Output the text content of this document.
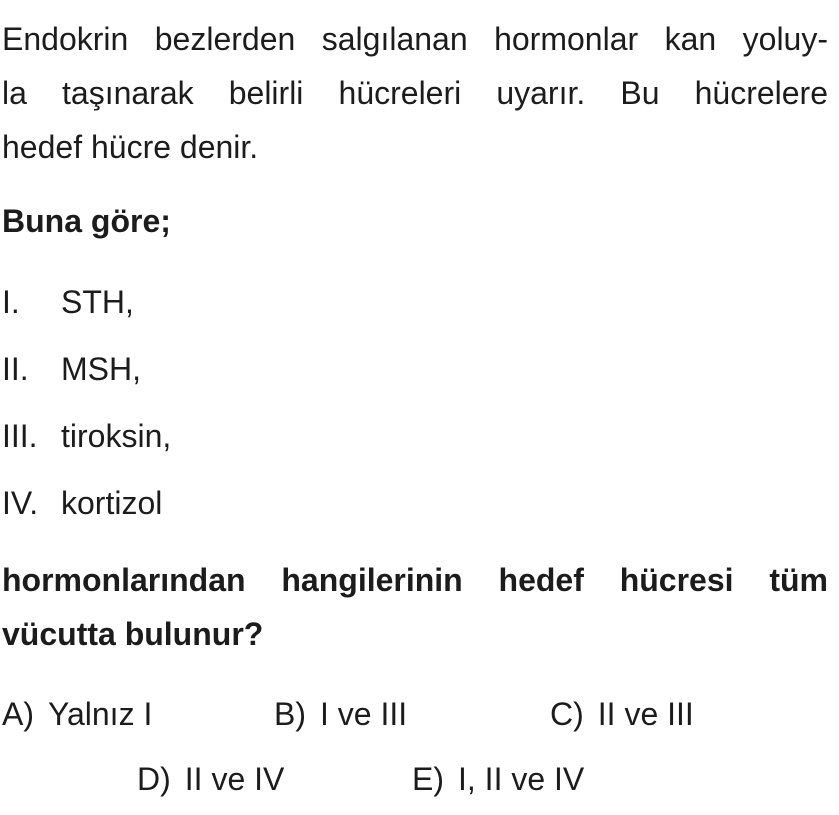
Endokrin bezlerden salgılanan hormonlar kan yoluy-
la taşınarak belirli hücreleri uyarır. Bu hücrelere
hedef hücre denir.
Buna göre;
I. STH,
II. MSH,
III. tiroksin,
IV. kortizol
hormonlarından hangilerinin hedef hücresi tüm
vücutta bulunur?
A) Yalnız I	B) I ve III	C) II ve III
D) II ve IV	E) I, II ve IV
